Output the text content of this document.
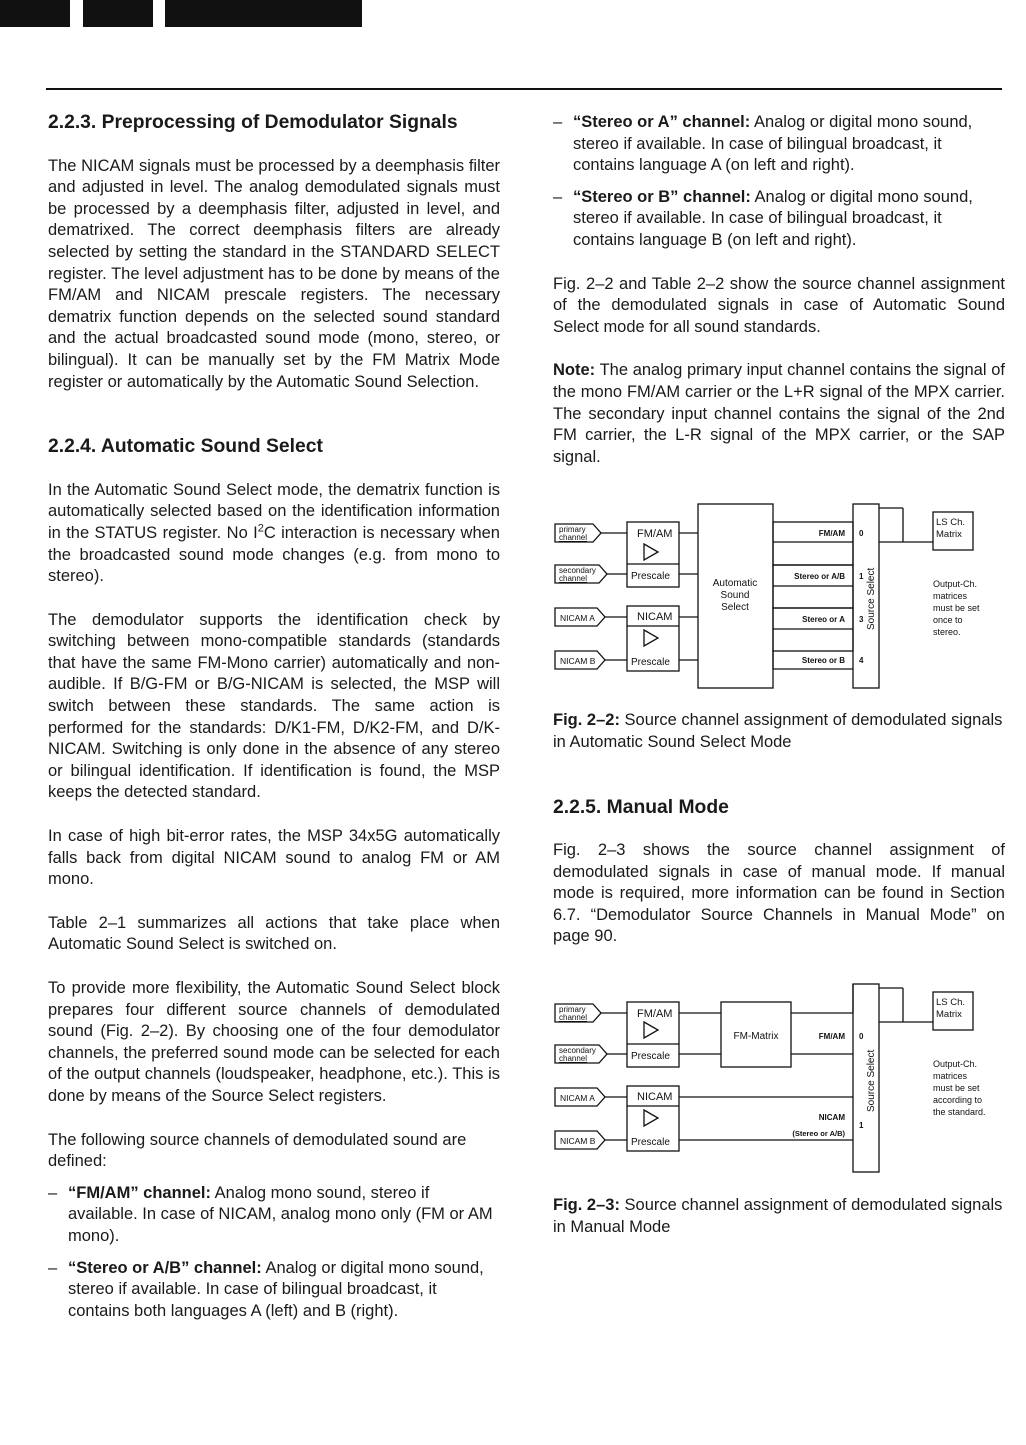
2.2.3. Preprocessing of Demodulator Signals

The NICAM signals must be processed by a deemphasis filter and adjusted in level. The analog demodulated signals must be processed by a deemphasis filter, adjusted in level, and dematrixed. The correct deemphasis filters are already selected by setting the standard in the STANDARD SELECT register. The level adjustment has to be done by means of the FM/AM and NICAM prescale registers. The necessary dematrix function depends on the selected sound standard and the actual broadcasted sound mode (mono, stereo, or bilingual). It can be manually set by the FM Matrix Mode register or automatically by the Automatic Sound Selection.

2.2.4. Automatic Sound Select

In the Automatic Sound Select mode, the dematrix function is automatically selected based on the identification information in the STATUS register. No $I^2C$ interaction is necessary when the broadcasted sound mode changes (e.g. from mono to stereo).

The demodulator supports the identification check by switching between mono-compatible standards (standards that have the same FM-Mono carrier) automatically and non-audible. If B/G-FM or B/G-NICAM is selected, the MSP will switch between these standards. The same action is performed for the standards: D/K1-FM, D/K2-FM, and D/K-NICAM. Switching is only done in the absence of any stereo or bilingual identification. If identification is found, the MSP keeps the detected standard.

In case of high bit-error rates, the MSP 34x5G automatically falls back from digital NICAM sound to analog FM or AM mono.

Table 2–1 summarizes all actions that take place when Automatic Sound Select is switched on.

To provide more flexibility, the Automatic Sound Select block prepares four different source channels of demodulated sound (Fig. 2–2). By choosing one of the four demodulator channels, the preferred sound mode can be selected for each of the output channels (loudspeaker, headphone, etc.). This is done by means of the Source Select registers.

The following source channels of demodulated sound are defined:

– “FM/AM” channel: Analog mono sound, stereo if available. In case of NICAM, analog mono only (FM or AM mono).

– “Stereo or A/B” channel: Analog or digital mono sound, stereo if available. In case of bilingual broadcast, it contains both languages A (left) and B (right).

– “Stereo or A” channel: Analog or digital mono sound, stereo if available. In case of bilingual broadcast, it contains language A (on left and right).

– “Stereo or B” channel: Analog or digital mono sound, stereo if available. In case of bilingual broadcast, it contains language B (on left and right).

Fig. 2–2 and Table 2–2 show the source channel assignment of the demodulated signals in case of Automatic Sound Select mode for all sound standards.

Note: The analog primary input channel contains the signal of the mono FM/AM carrier or the L+R signal of the MPX carrier. The secondary input channel contains the signal of the 2nd FM carrier, the L-R signal of the MPX carrier, or the SAP signal.

primary
channel
secondary
channel
NICAM A
NICAM B
FM/AM
Prescale
NICAM
Prescale
Automatic
Sound
Select
FM/AM
Stereo or A/B
Stereo or A
Stereo or B
0
1
3
4
Source Select
LS Ch.
Matrix
Output-Ch.
matrices
must be set
once to
stereo.

Fig. 2–2: Source channel assignment of demodulated signals in Automatic Sound Select Mode

2.2.5. Manual Mode

Fig. 2–3 shows the source channel assignment of demodulated signals in case of manual mode. If manual mode is required, more information can be found in Section 6.7. “Demodulator Source Channels in Manual Mode” on page 90.

primary
channel
secondary
channel
NICAM A
NICAM B
FM/AM
Prescale
NICAM
Prescale
FM-Matrix	FM/AM
NICAM
(Stereo or A/B)
0
1
Source Select
LS Ch.
Matrix
Output-Ch.
matrices
must be set
according to
the standard.

Fig. 2–3: Source channel assignment of demodulated signals in Manual Mode
